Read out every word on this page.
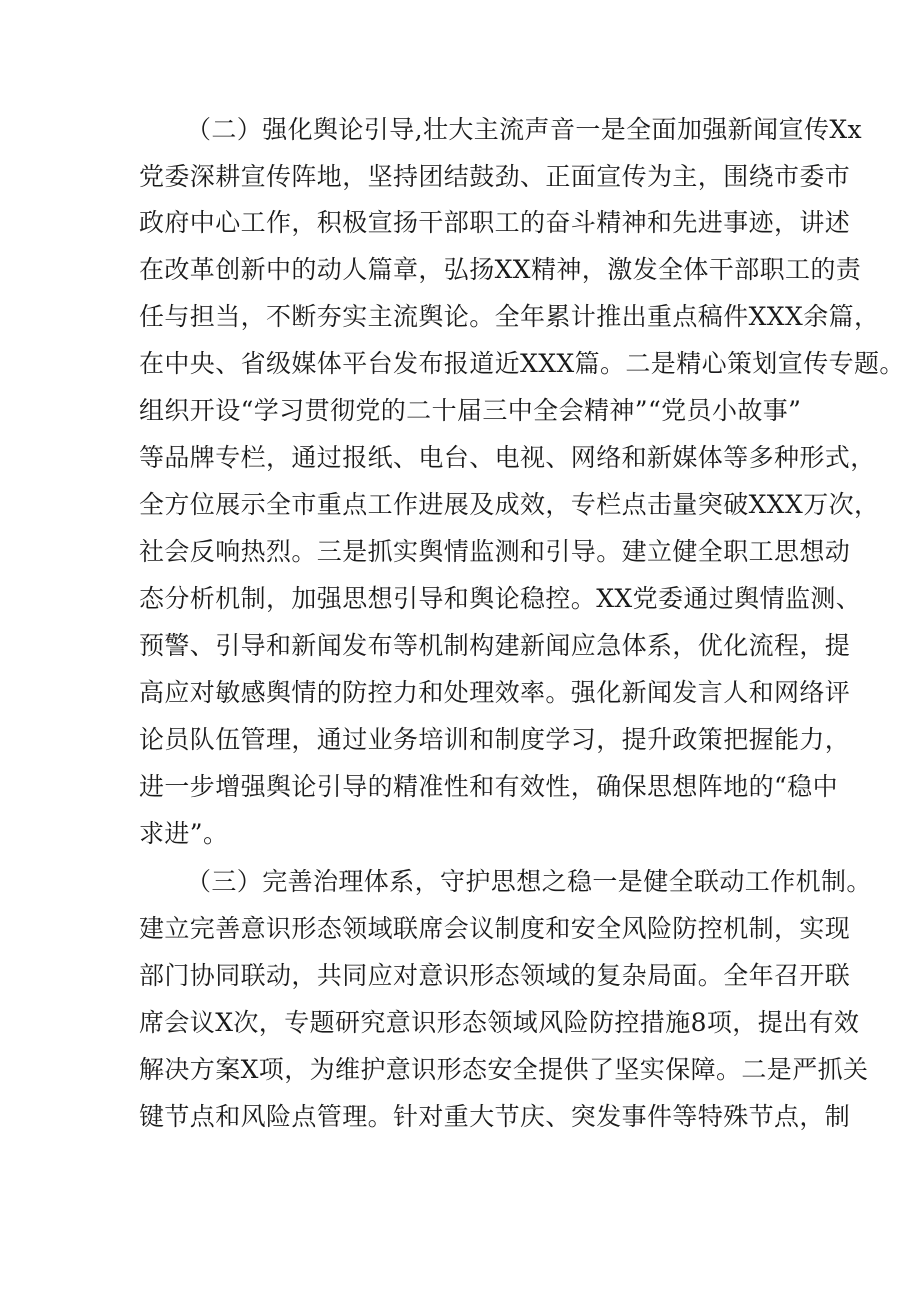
（二）强化舆论引导,壮大主流声音一是全面加强新闻宣传Xx
党委深耕宣传阵地，坚持团结鼓劲、正面宣传为主，围绕市委市
政府中心工作，积极宣扬干部职工的奋斗精神和先进事迹，讲述
在改革创新中的动人篇章，弘扬XX精神，激发全体干部职工的责
任与担当，不断夯实主流舆论。全年累计推出重点稿件XXX余篇，
在中央、省级媒体平台发布报道近XXX篇。二是精心策划宣传专题。
组织开设“学习贯彻党的二十届三中全会精神”“党员小故事”
等品牌专栏，通过报纸、电台、电视、网络和新媒体等多种形式，
全方位展示全市重点工作进展及成效，专栏点击量突破XXX万次，
社会反响热烈。三是抓实舆情监测和引导。建立健全职工思想动
态分析机制，加强思想引导和舆论稳控。XX党委通过舆情监测、
预警、引导和新闻发布等机制构建新闻应急体系，优化流程，提
高应对敏感舆情的防控力和处理效率。强化新闻发言人和网络评
论员队伍管理，通过业务培训和制度学习，提升政策把握能力，
进一步增强舆论引导的精准性和有效性，确保思想阵地的“稳中
求进”。
（三）完善治理体系，守护思想之稳一是健全联动工作机制。
建立完善意识形态领域联席会议制度和安全风险防控机制，实现
部门协同联动，共同应对意识形态领域的复杂局面。全年召开联
席会议X次，专题研究意识形态领域风险防控措施8项，提出有效
解决方案X项，为维护意识形态安全提供了坚实保障。二是严抓关
键节点和风险点管理。针对重大节庆、突发事件等特殊节点，制
